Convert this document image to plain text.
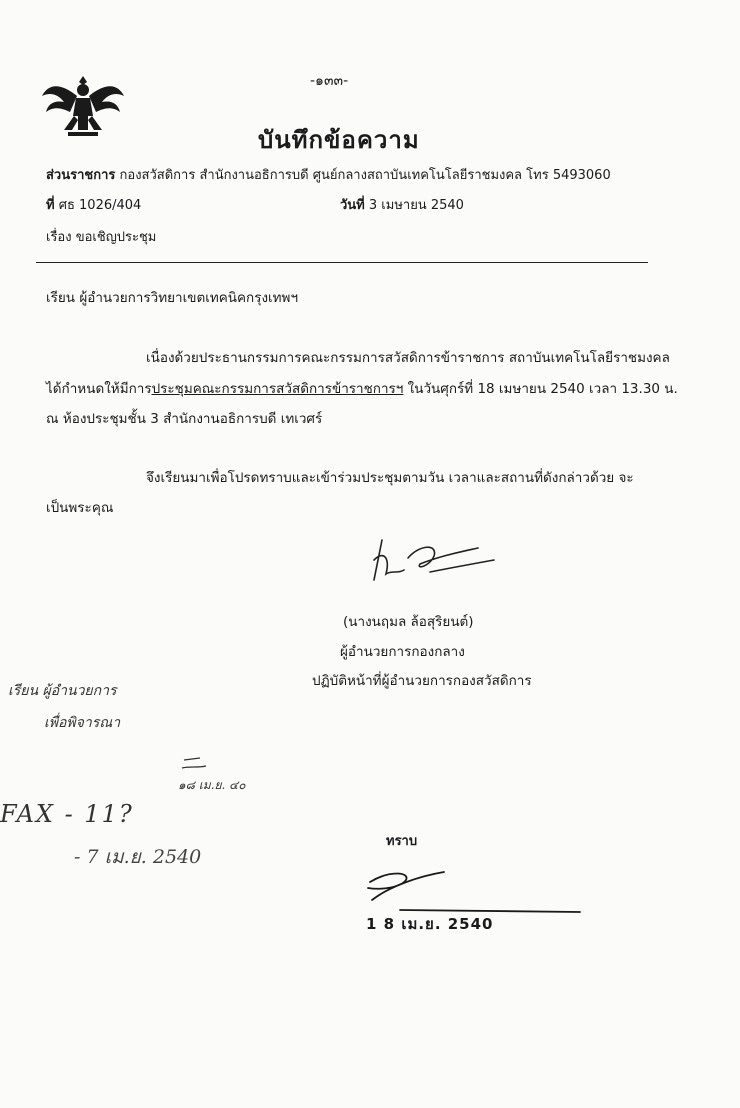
-๑๓๓-
บันทึกข้อความ
ส่วนราชการ กองสวัสดิการ สำนักงานอธิการบดี ศูนย์กลางสถาบันเทคโนโลยีราชมงคล โทร 5493060
ที่ ศธ 1026/404	วันที่ 3 เมษายน 2540
เรื่อง ขอเชิญประชุม
เรียน ผู้อำนวยการวิทยาเขตเทคนิคกรุงเทพฯ
เนื่องด้วยประธานกรรมการคณะกรรมการสวัสดิการข้าราชการ สถาบันเทคโนโลยีราชมงคล
ได้กำหนดให้มีการประชุมคณะกรรมการสวัสดิการข้าราชการฯ ในวันศุกร์ที่ 18 เมษายน 2540 เวลา 13.30 น.
ณ ห้องประชุมชั้น 3 สำนักงานอธิการบดี เทเวศร์
จึงเรียนมาเพื่อโปรดทราบและเข้าร่วมประชุมตามวัน เวลาและสถานที่ดังกล่าวด้วย จะ
เป็นพระคุณ
(นางนฤมล ล้อสุริยนต์)
ผู้อำนวยการกองกลาง
ปฏิบัติหน้าที่ผู้อำนวยการกองสวัสดิการ
เรียน ผู้อำนวยการ
เพื่อพิจารณา
๑๘ เม.ย. ๔๐
FAX - 11?
- 7 เม.ย. 2540
ทราบ
1 8 เม.ย. 2540
